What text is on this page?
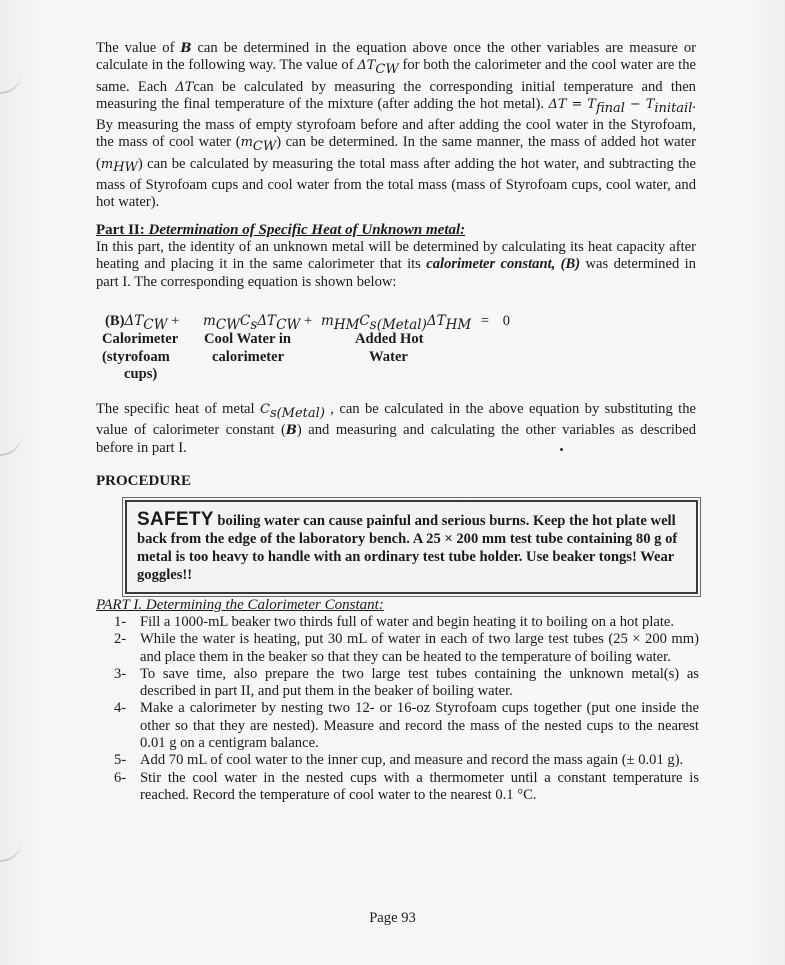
The value of B can be determined in the equation above once the other variables are measure or calculate in the following way. The value of $\Delta T_{CW}$ for both the calorimeter and the cool water are the same. Each ΔTcan be calculated by measuring the corresponding initial temperature and then measuring the final temperature of the mixture (after adding the hot metal). $\Delta T = T_{final} - T_{initail}$. By measuring the mass of empty styrofoam before and after adding the cool water in the Styrofoam, the mass of cool water $(m_{CW})$ can be determined. In the same manner, the mass of added hot water $(m_{HW})$ can be calculated by measuring the total mass after adding the hot water, and subtracting the mass of Styrofoam cups and cool water from the total mass (mass of Styrofoam cups, cool water, and hot water).
Part II: Determination of Specific Heat of Unknown metal:
In this part, the identity of an unknown metal will be determined by calculating its heat capacity after heating and placing it in the same calorimeter that its calorimeter constant, (B) was determined in part I. The corresponding equation is shown below:
$(B)\Delta T_{CW} + m_{CW}C_s\Delta T_{CW} + m_{HM}C_{s(Metal)}\Delta T_{HM} = 0$
Calorimeter
(styrofoam
cups)
Cool Water in
calorimeter
Added Hot
Water
The specific heat of metal $C_{s(Metal)}$ , can be calculated in the above equation by substituting the value of calorimeter constant (B) and measuring and calculating the other variables as described before in part I.
PROCEDURE
SAFETY boiling water can cause painful and serious burns. Keep the hot plate well back from the edge of the laboratory bench. A 25 × 200 mm test tube containing 80 g of metal is too heavy to handle with an ordinary test tube holder. Use beaker tongs! Wear goggles!!
PART I. Determining the Calorimeter Constant:
1- Fill a 1000-mL beaker two thirds full of water and begin heating it to boiling on a hot plate.
2- While the water is heating, put 30 mL of water in each of two large test tubes (25 × 200 mm) and place them in the beaker so that they can be heated to the temperature of boiling water.
3- To save time, also prepare the two large test tubes containing the unknown metal(s) as described in part II, and put them in the beaker of boiling water.
4- Make a calorimeter by nesting two 12- or 16-oz Styrofoam cups together (put one inside the other so that they are nested). Measure and record the mass of the nested cups to the nearest 0.01 g on a centigram balance.
5- Add 70 mL of cool water to the inner cup, and measure and record the mass again (± 0.01 g).
6- Stir the cool water in the nested cups with a thermometer until a constant temperature is reached. Record the temperature of cool water to the nearest 0.1 °C.
Page 93
